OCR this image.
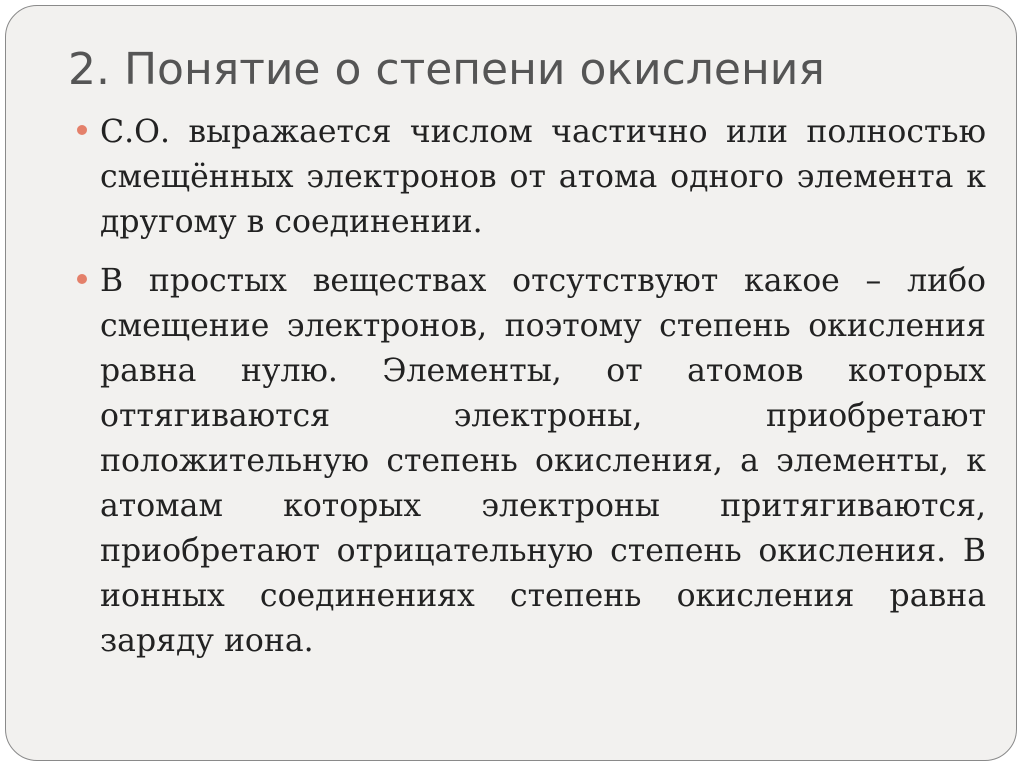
2. Понятие о степени окисления
С.О. выражается числом частично или полностью смещённых электронов от атома одного элемента к другому в соединении.
В простых веществах отсутствуют какое – либо смещение электронов, поэтому степень окисления равна нулю. Элементы, от атомов которых оттягиваются электроны, приобретают положительную степень окисления, а элементы, к атомам которых электроны притягиваются, приобретают отрицательную степень окисления. В ионных соединениях степень окисления равна заряду иона.
